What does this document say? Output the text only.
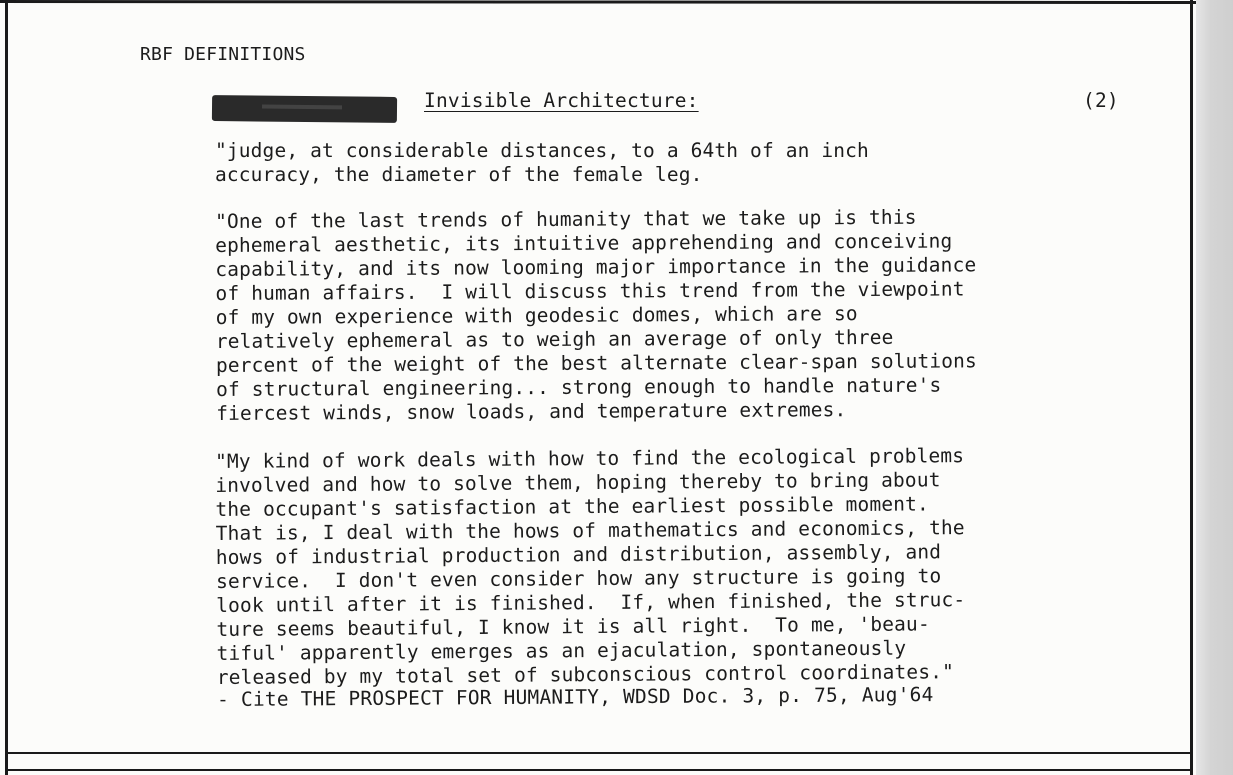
RBF DEFINITIONS

Invisible Architecture:	(2)

"judge, at considerable distances, to a 64th of an inch
accuracy, the diameter of the female leg.
"One of the last trends of humanity that we take up is this
ephemeral aesthetic, its intuitive apprehending and conceiving
capability, and its now looming major importance in the guidance
of human affairs.  I will discuss this trend from the viewpoint
of my own experience with geodesic domes, which are so
relatively ephemeral as to weigh an average of only three
percent of the weight of the best alternate clear-span solutions
of structural engineering... strong enough to handle nature's
fiercest winds, snow loads, and temperature extremes.
"My kind of work deals with how to find the ecological problems
involved and how to solve them, hoping thereby to bring about
the occupant's satisfaction at the earliest possible moment.
That is, I deal with the hows of mathematics and economics, the
hows of industrial production and distribution, assembly, and
service.  I don't even consider how any structure is going to
look until after it is finished.  If, when finished, the struc-
ture seems beautiful, I know it is all right.  To me, 'beau-
tiful' apparently emerges as an ejaculation, spontaneously
released by my total set of subconscious control coordinates."

- Cite THE PROSPECT FOR HUMANITY, WDSD Doc. 3, p. 75, Aug'64
